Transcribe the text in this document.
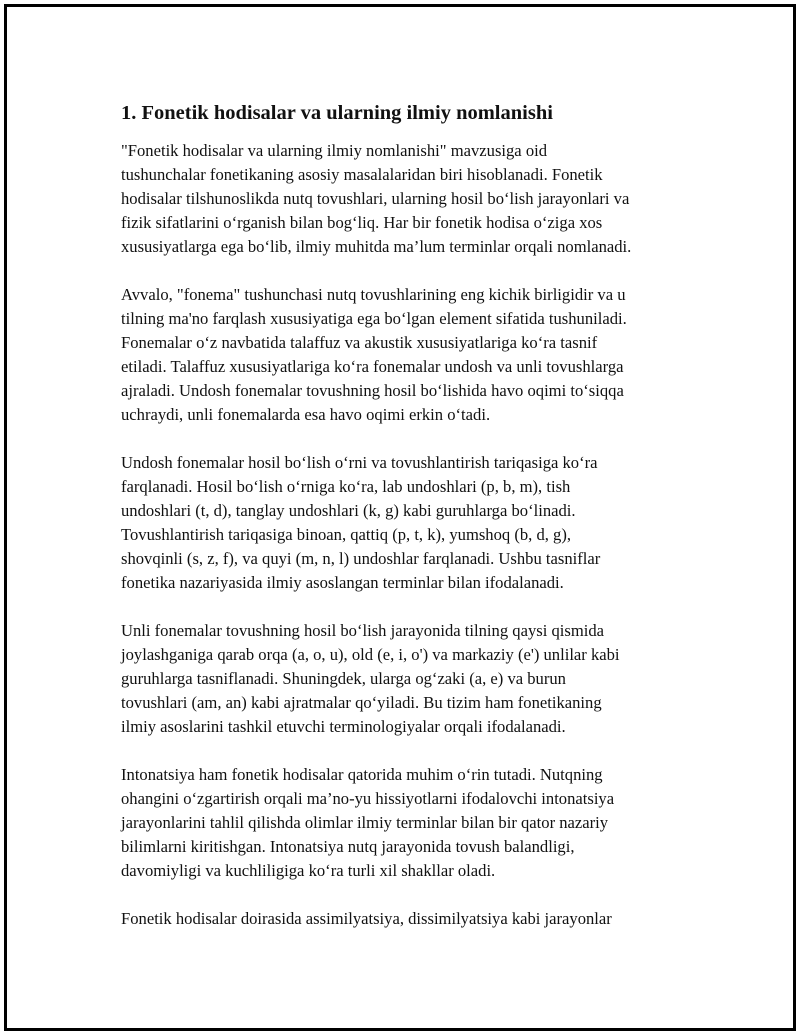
1. Fonetik hodisalar va ularning ilmiy nomlanishi

"Fonetik hodisalar va ularning ilmiy nomlanishi" mavzusiga oid
tushunchalar fonetikaning asosiy masalalaridan biri hisoblanadi. Fonetik
hodisalar tilshunoslikda nutq tovushlari, ularning hosil bo‘lish jarayonlari va
fizik sifatlarini o‘rganish bilan bog‘liq. Har bir fonetik hodisa o‘ziga xos
xususiyatlarga ega bo‘lib, ilmiy muhitda ma’lum terminlar orqali nomlanadi.

Avvalo, "fonema" tushunchasi nutq tovushlarining eng kichik birligidir va u
tilning ma'no farqlash xususiyatiga ega bo‘lgan element sifatida tushuniladi.
Fonemalar o‘z navbatida talaffuz va akustik xususiyatlariga ko‘ra tasnif
etiladi. Talaffuz xususiyatlariga ko‘ra fonemalar undosh va unli tovushlarga
ajraladi. Undosh fonemalar tovushning hosil bo‘lishida havo oqimi to‘siqqa
uchraydi, unli fonemalarda esa havo oqimi erkin o‘tadi.

Undosh fonemalar hosil bo‘lish o‘rni va tovushlantirish tariqasiga ko‘ra
farqlanadi. Hosil bo‘lish o‘rniga ko‘ra, lab undoshlari (p, b, m), tish
undoshlari (t, d), tanglay undoshlari (k, g) kabi guruhlarga bo‘linadi.
Tovushlantirish tariqasiga binoan, qattiq (p, t, k), yumshoq (b, d, g),
shovqinli (s, z, f), va quyi (m, n, l) undoshlar farqlanadi. Ushbu tasniflar
fonetika nazariyasida ilmiy asoslangan terminlar bilan ifodalanadi.

Unli fonemalar tovushning hosil bo‘lish jarayonida tilning qaysi qismida
joylashganiga qarab orqa (a, o, u), old (e, i, o') va markaziy (e') unlilar kabi
guruhlarga tasniflanadi. Shuningdek, ularga og‘zaki (a, e) va burun
tovushlari (am, an) kabi ajratmalar qo‘yiladi. Bu tizim ham fonetikaning
ilmiy asoslarini tashkil etuvchi terminologiyalar orqali ifodalanadi.

Intonatsiya ham fonetik hodisalar qatorida muhim o‘rin tutadi. Nutqning
ohangini o‘zgartirish orqali ma’no-yu hissiyotlarni ifodalovchi intonatsiya
jarayonlarini tahlil qilishda olimlar ilmiy terminlar bilan bir qator nazariy
bilimlarni kiritishgan. Intonatsiya nutq jarayonida tovush balandligi,
davomiyligi va kuchliligiga ko‘ra turli xil shakllar oladi.

Fonetik hodisalar doirasida assimilyatsiya, dissimilyatsiya kabi jarayonlar
